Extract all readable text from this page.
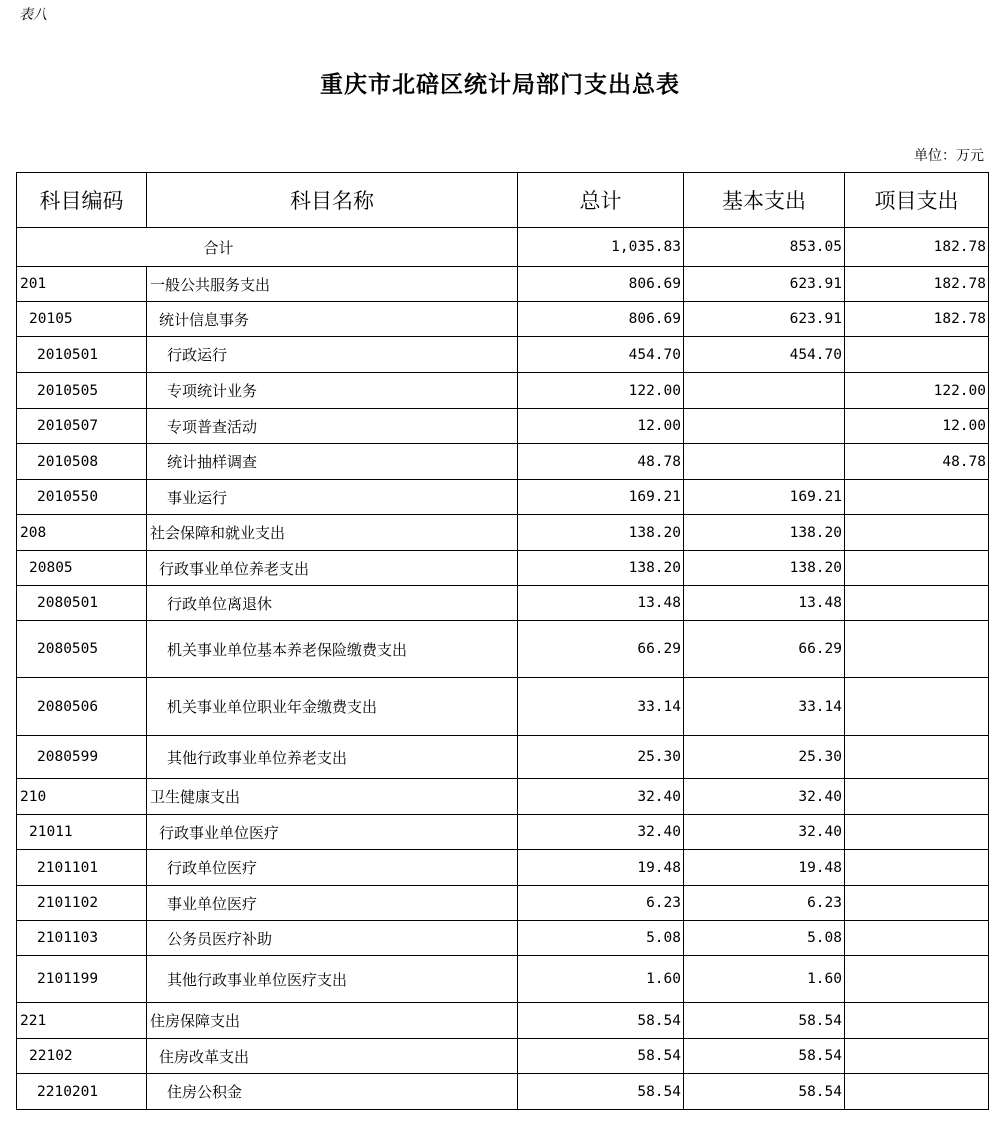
表八
重庆市北碚区统计局部门支出总表
单位：万元
科目编码	科目名称	总计	基本支出	项目支出
合计		1,035.83	853.05	182.78
201	一般公共服务支出	806.69	623.91	182.78
20105	统计信息事务	806.69	623.91	182.78
2010501	行政运行	454.70	454.70	
2010505	专项统计业务	122.00		122.00
2010507	专项普查活动	12.00		12.00
2010508	统计抽样调查	48.78		48.78
2010550	事业运行	169.21	169.21	
208	社会保障和就业支出	138.20	138.20	
20805	行政事业单位养老支出	138.20	138.20	
2080501	行政单位离退休	13.48	13.48	
2080505	机关事业单位基本养老保险缴费支出	66.29	66.29	
2080506	机关事业单位职业年金缴费支出	33.14	33.14	
2080599	其他行政事业单位养老支出	25.30	25.30	
210	卫生健康支出	32.40	32.40	
21011	行政事业单位医疗	32.40	32.40	
2101101	行政单位医疗	19.48	19.48	
2101102	事业单位医疗	6.23	6.23	
2101103	公务员医疗补助	5.08	5.08	
2101199	其他行政事业单位医疗支出	1.60	1.60	
221	住房保障支出	58.54	58.54	
22102	住房改革支出	58.54	58.54	
2210201	住房公积金	58.54	58.54	
